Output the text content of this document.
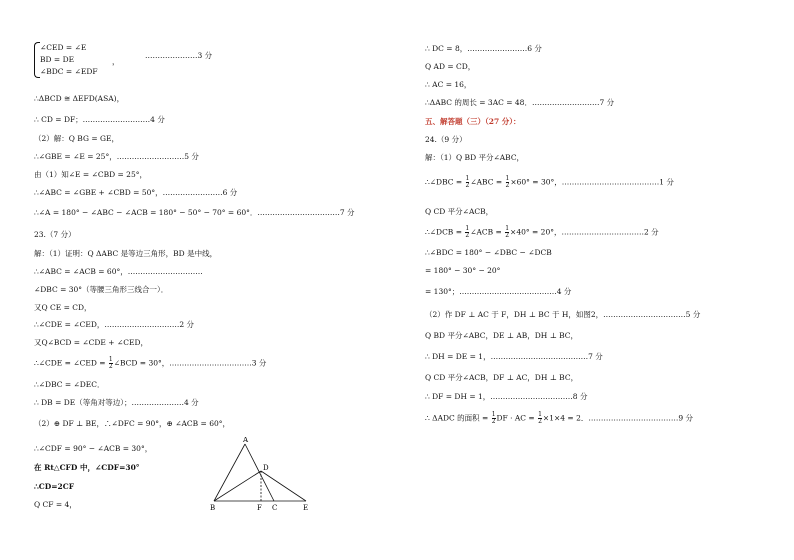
∠CED = ∠E
BD = DE
∠BDC = ∠EDF
，
…………………3 分
∴ΔBCD ≅ ΔEFD(ASA)，
∴ CD = DF；………………………4 分
（2）解：Q BG = GE，
∴∠GBE = ∠E = 25°，………………………5 分
由（1）知∠E = ∠CBD = 25°，
∴∠ABC = ∠GBE + ∠CBD = 50°，……………………6 分
∴∠A = 180° − ∠ABC − ∠ACB = 180° − 50° − 70° = 60°．……………………………7 分
23.（7 分）
解：（1）证明：Q ΔABC 是等边三角形，BD 是中线，
∴∠ABC = ∠ACB = 60°，…………………………
∠DBC = 30°（等腰三角形三线合一）．
又Q CE = CD，
∴∠CDE = ∠CED，…………………………2 分
又Q∠BCD = ∠CDE + ∠CED，
∴∠CDE = ∠CED = $\frac{1}{2}$ ∠BCD = 30°，……………………………3 分
∴∠DBC = ∠DEC．
∴ DB = DE（等角对等边）；…………………4 分
（2）⊕ DF ⊥ BE，∴∠DFC = 90°，⊕ ∠ACB = 60°，
∴∠CDF = 90° − ∠ACB = 30°，
在 Rt△CFD 中，∠CDF=30°
∴CD=2CF
Q CF = 4，
A
B	C
D
E
F
∴ DC = 8，……………………6 分
Q AD = CD，
∴ AC = 16，
∴ΔABC 的周长 = 3AC = 48．………………………7 分
五、解答题（三）（27 分）：
24.（9 分）
解：（1）Q BD 平分∠ABC，
∴∠DBC = $\frac{1}{2}$ ∠ABC = $\frac{1}{2} \times 60^\circ = 30^\circ$，…………………………………1 分
Q CD 平分∠ACB，
∴∠DCB = $\frac{1}{2}$ ∠ACB = $\frac{1}{2} \times 40^\circ = 20^\circ$，……………………………2 分
∴∠BDC = 180° − ∠DBC − ∠DCB
= 180° − 30° − 20°
= 130°；…………………………………4 分
（2）作 DF ⊥ AC 于 F，DH ⊥ BC 于 H，如图2，……………………………5 分
Q BD 平分∠ABC，DE ⊥ AB，DH ⊥ BC，
∴ DH = DE = 1，…………………………………7 分
Q CD 平分∠ACB，DF ⊥ AC，DH ⊥ BC，
∴ DF = DH = 1，……………………………8 分
∴ ΔADC 的面积 = $\frac{1}{2}$ DF · AC = $\frac{1}{2} \times 1\times 4 = 2$．………………………………9 分
